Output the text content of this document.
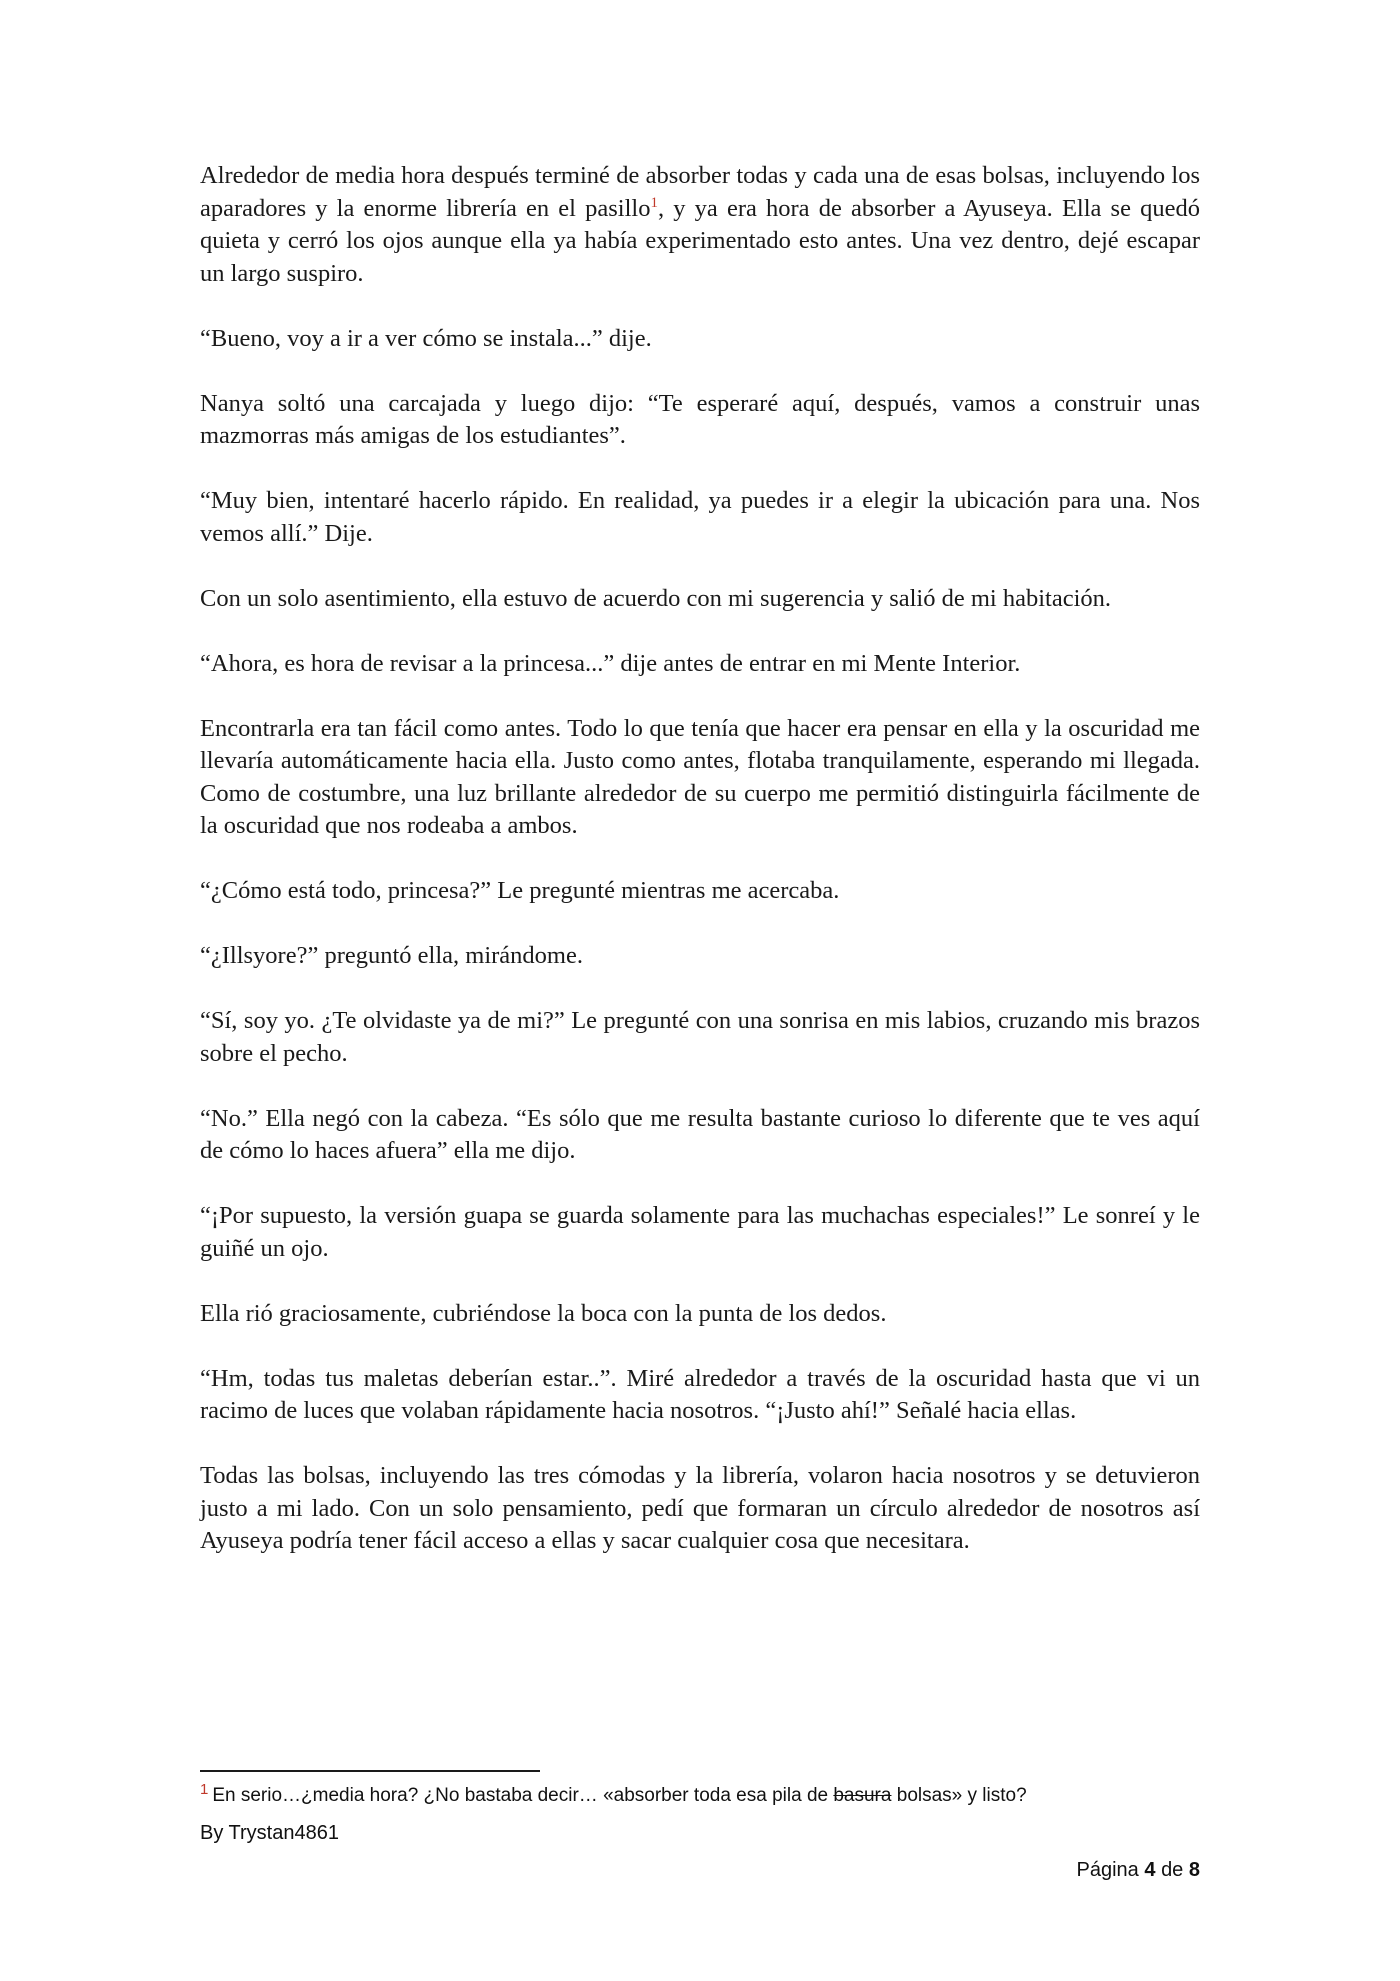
Alrededor de media hora después terminé de absorber todas y cada una de esas bolsas, incluyendo los aparadores y la enorme librería en el pasillo$^1$, y ya era hora de absorber a Ayuseya. Ella se quedó quieta y cerró los ojos aunque ella ya había experimentado esto antes. Una vez dentro, dejé escapar un largo suspiro.

“Bueno, voy a ir a ver cómo se instala...” dije.

Nanya soltó una carcajada y luego dijo: “Te esperaré aquí, después, vamos a construir unas mazmorras más amigas de los estudiantes”.

“Muy bien, intentaré hacerlo rápido. En realidad, ya puedes ir a elegir la ubicación para una. Nos vemos allí.” Dije.

Con un solo asentimiento, ella estuvo de acuerdo con mi sugerencia y salió de mi habitación.

“Ahora, es hora de revisar a la princesa...” dije antes de entrar en mi Mente Interior.

Encontrarla era tan fácil como antes. Todo lo que tenía que hacer era pensar en ella y la oscuridad me llevaría automáticamente hacia ella. Justo como antes, flotaba tranquilamente, esperando mi llegada. Como de costumbre, una luz brillante alrededor de su cuerpo me permitió distinguirla fácilmente de la oscuridad que nos rodeaba a ambos.

“¿Cómo está todo, princesa?” Le pregunté mientras me acercaba.

“¿Illsyore?” preguntó ella, mirándome.

“Sí, soy yo. ¿Te olvidaste ya de mi?” Le pregunté con una sonrisa en mis labios, cruzando mis brazos sobre el pecho.

“No.” Ella negó con la cabeza. “Es sólo que me resulta bastante curioso lo diferente que te ves aquí de cómo lo haces afuera” ella me dijo.

“¡Por supuesto, la versión guapa se guarda solamente para las muchachas especiales!” Le sonreí y le guiñé un ojo.

Ella rió graciosamente, cubriéndose la boca con la punta de los dedos.

“Hm, todas tus maletas deberían estar..”. Miré alrededor a través de la oscuridad hasta que vi un racimo de luces que volaban rápidamente hacia nosotros. “¡Justo ahí!” Señalé hacia ellas.

Todas las bolsas, incluyendo las tres cómodas y la librería, volaron hacia nosotros y se detuvieron justo a mi lado. Con un solo pensamiento, pedí que formaran un círculo alrededor de nosotros así Ayuseya podría tener fácil acceso a ellas y sacar cualquier cosa que necesitara.

$^1$ En serio…¿media hora? ¿No bastaba decir… «absorber toda esa pila de basura bolsas» y listo?
By Trystan4861
Página 4 de 8
